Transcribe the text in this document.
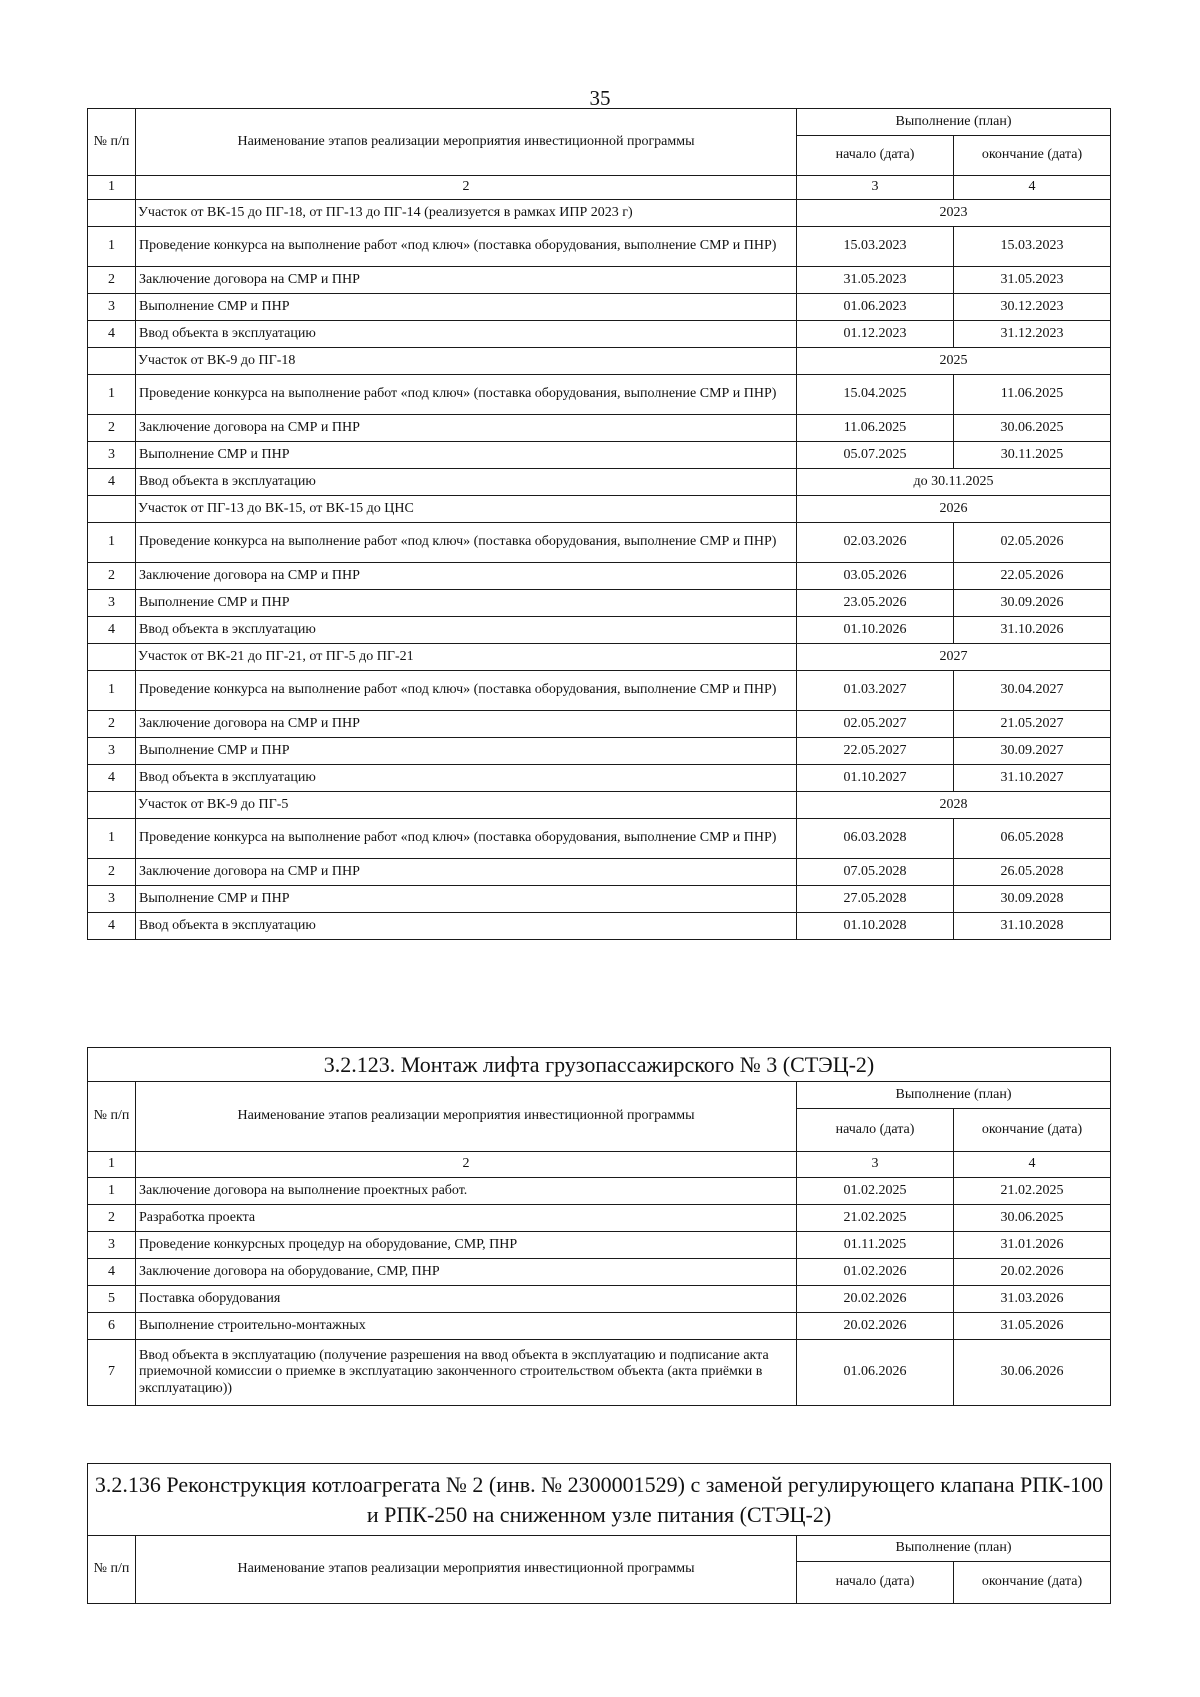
35
№ п/п	Наименование этапов реализации мероприятия инвестиционной программы	Выполнение (план)	
		начало (дата)	окончание (дата)
1	2	3	4
	Участок от ВК-15 до ПГ-18, от ПГ-13 до ПГ-14 (реализуется в рамках ИПР 2023 г)	2023	
1	Проведение конкурса на выполнение работ «под ключ» (поставка оборудования, выполнение СМР и ПНР)	15.03.2023	15.03.2023
2	Заключение договора на СМР и ПНР	31.05.2023	31.05.2023
3	Выполнение СМР и ПНР	01.06.2023	30.12.2023
4	Ввод объекта в эксплуатацию	01.12.2023	31.12.2023
	Участок от ВК-9 до ПГ-18	2025	
1	Проведение конкурса на выполнение работ «под ключ» (поставка оборудования, выполнение СМР и ПНР)	15.04.2025	11.06.2025
2	Заключение договора на СМР и ПНР	11.06.2025	30.06.2025
3	Выполнение СМР и ПНР	05.07.2025	30.11.2025
4	Ввод объекта в эксплуатацию	до 30.11.2025	
	Участок от ПГ-13 до ВК-15, от ВК-15 до ЦНС	2026	
1	Проведение конкурса на выполнение работ «под ключ» (поставка оборудования, выполнение СМР и ПНР)	02.03.2026	02.05.2026
2	Заключение договора на СМР и ПНР	03.05.2026	22.05.2026
3	Выполнение СМР и ПНР	23.05.2026	30.09.2026
4	Ввод объекта в эксплуатацию	01.10.2026	31.10.2026
	Участок от ВК-21 до ПГ-21, от ПГ-5 до ПГ-21	2027	
1	Проведение конкурса на выполнение работ «под ключ» (поставка оборудования, выполнение СМР и ПНР)	01.03.2027	30.04.2027
2	Заключение договора на СМР и ПНР	02.05.2027	21.05.2027
3	Выполнение СМР и ПНР	22.05.2027	30.09.2027
4	Ввод объекта в эксплуатацию	01.10.2027	31.10.2027
	Участок от ВК-9 до ПГ-5	2028	
1	Проведение конкурса на выполнение работ «под ключ» (поставка оборудования, выполнение СМР и ПНР)	06.03.2028	06.05.2028
2	Заключение договора на СМР и ПНР	07.05.2028	26.05.2028
3	Выполнение СМР и ПНР	27.05.2028	30.09.2028
4	Ввод объекта в эксплуатацию	01.10.2028	31.10.2028
3.2.123. Монтаж лифта грузопассажирского № 3 (СТЭЦ-2)			
№ п/п	Наименование этапов реализации мероприятия инвестиционной программы	Выполнение (план)	
		начало (дата)	окончание (дата)
1	2	3	4
1	Заключение договора на выполнение проектных работ.	01.02.2025	21.02.2025
2	Разработка проекта	21.02.2025	30.06.2025
3	Проведение конкурсных процедур на оборудование, СМР, ПНР	01.11.2025	31.01.2026
4	Заключение договора на оборудование, СМР, ПНР	01.02.2026	20.02.2026
5	Поставка оборудования	20.02.2026	31.03.2026
6	Выполнение строительно-монтажных	20.02.2026	31.05.2026
7	Ввод объекта в эксплуатацию (получение разрешения на ввод объекта в эксплуатацию и подписание акта приемочной комиссии о приемке в эксплуатацию законченного строительством объекта (акта приёмки в эксплуатацию))	01.06.2026	30.06.2026
3.2.136 Реконструкция котлоагрегата № 2 (инв. № 2300001529) с заменой регулирующего клапана РПК-100 и РПК-250 на сниженном узле питания (СТЭЦ-2)			
№ п/п	Наименование этапов реализации мероприятия инвестиционной программы	Выполнение (план)	
		начало (дата)	окончание (дата)
